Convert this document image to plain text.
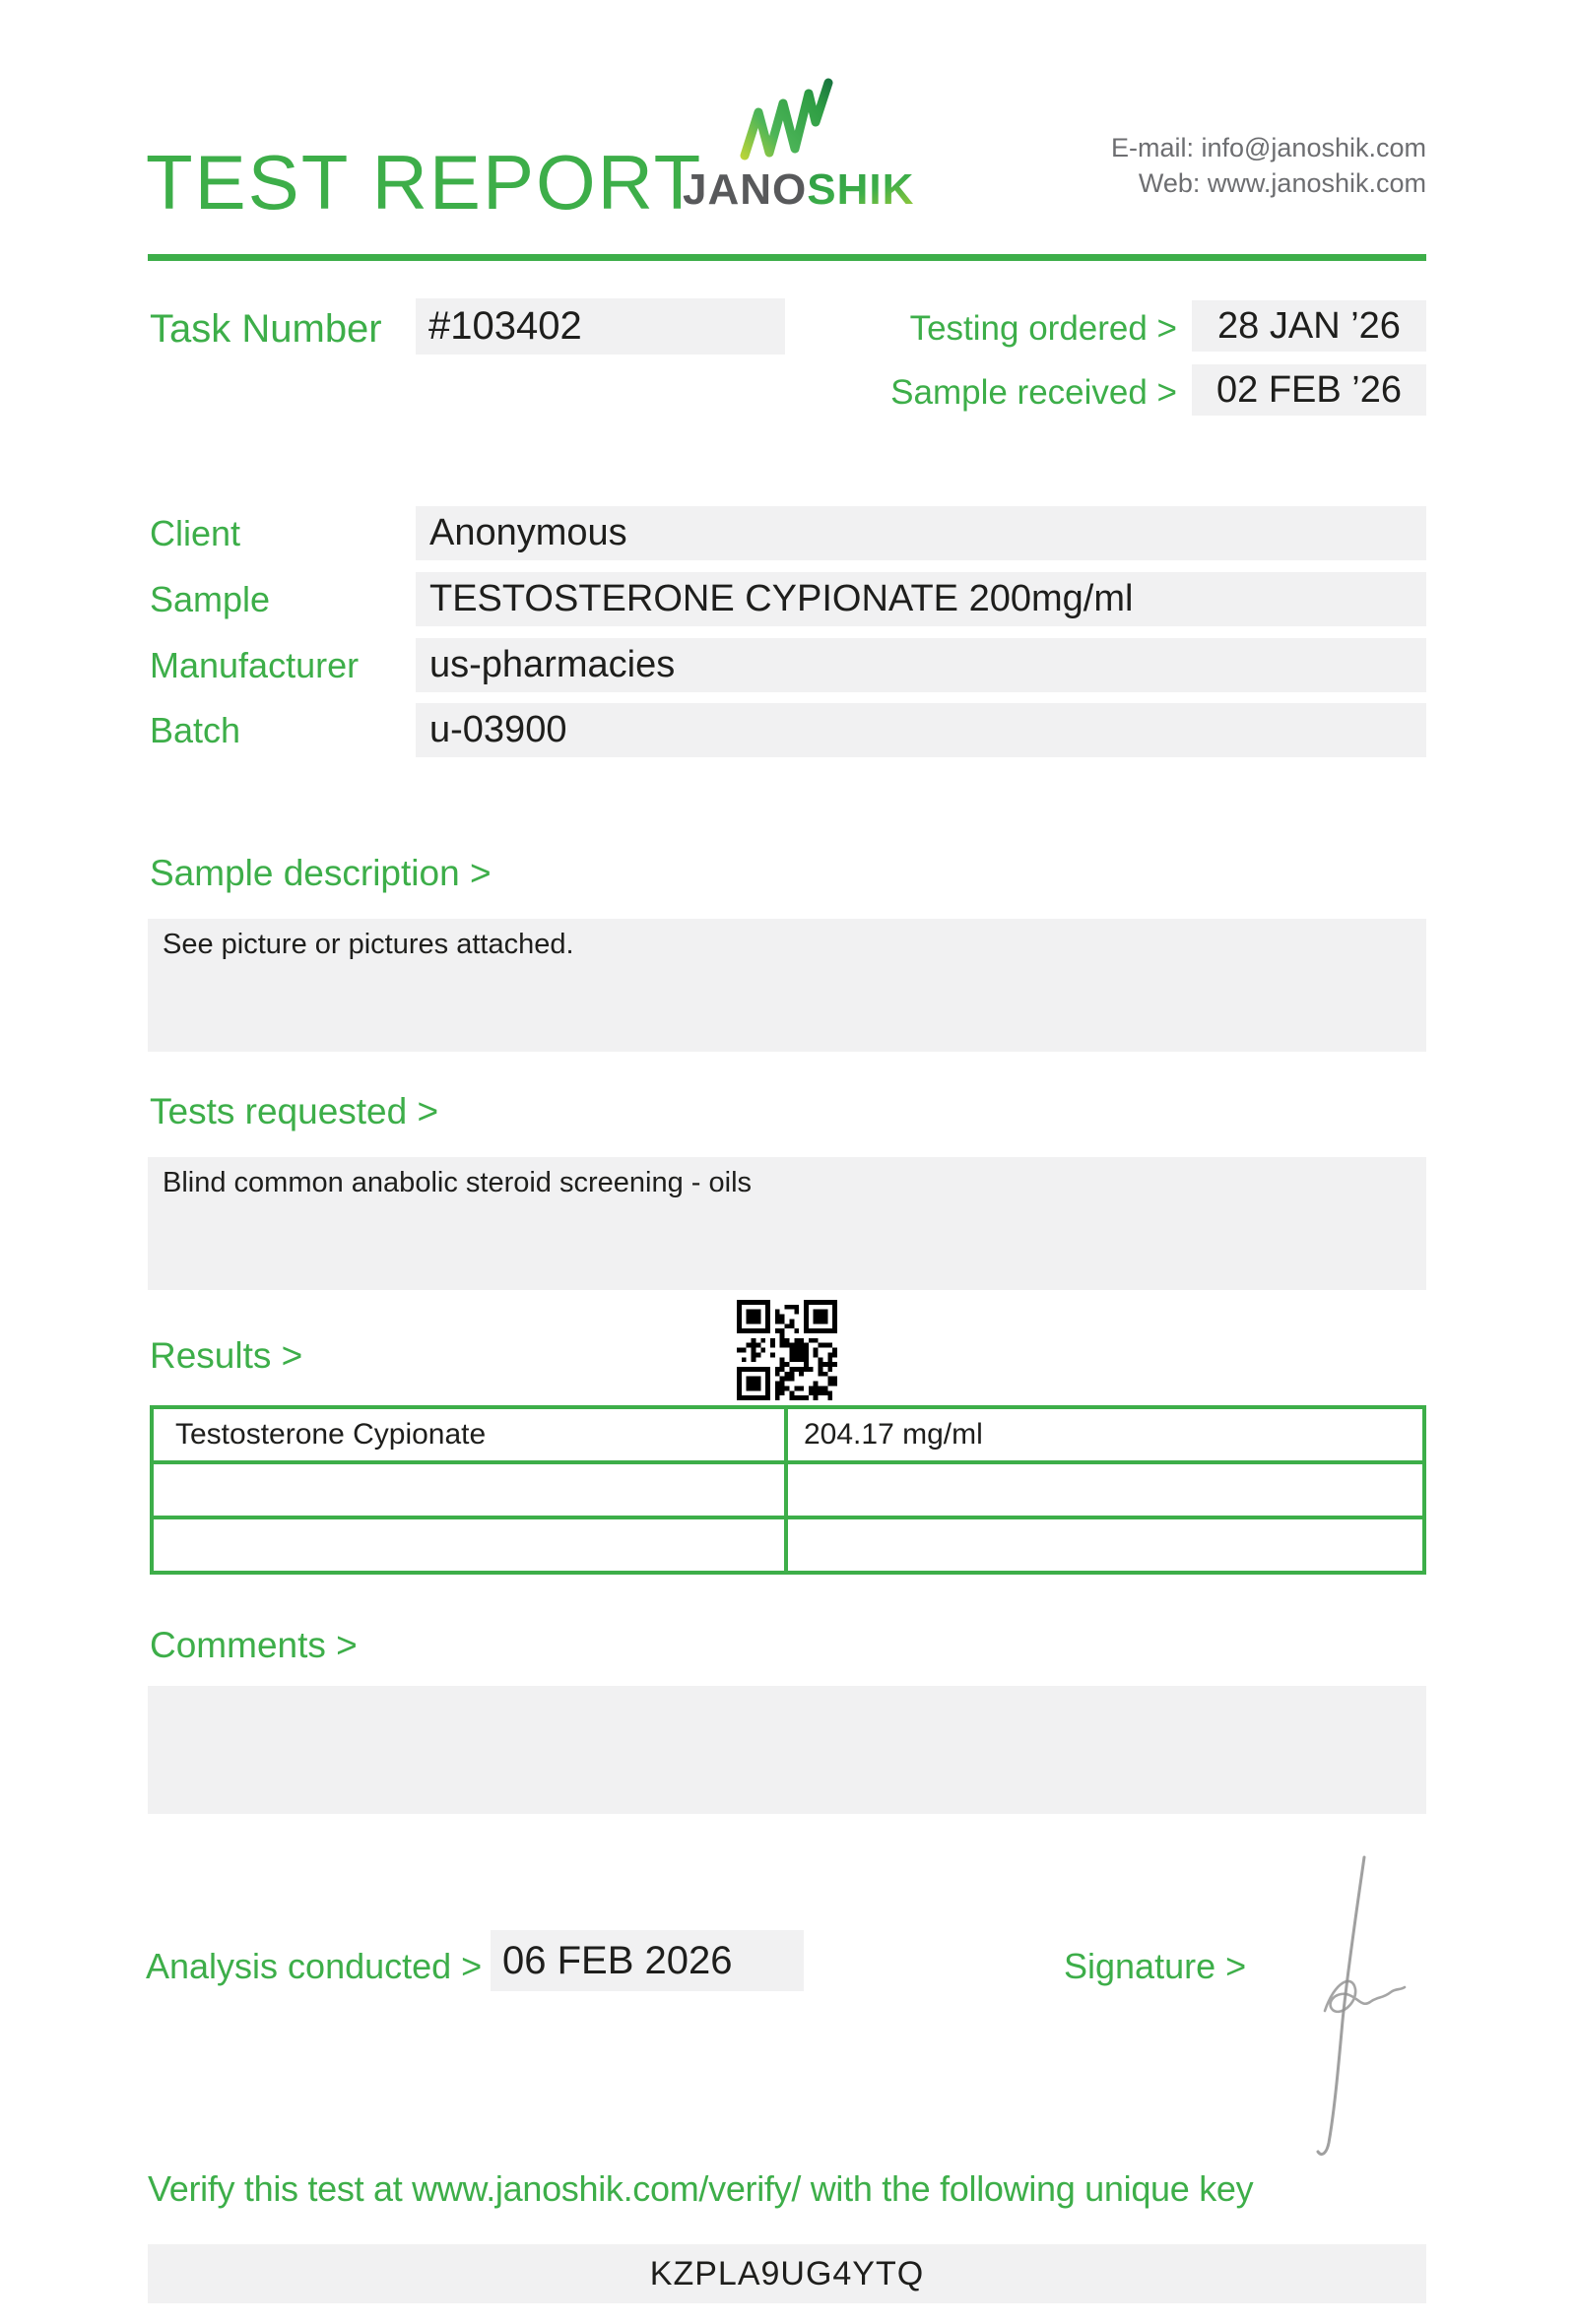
TEST REPORT
JANOSHIK
E-mail: info@janoshik.com
Web: www.janoshik.com
Task Number	#103402	Testing ordered >	28 JAN ’26
Sample received >	02 FEB ’26
Client	Anonymous
Sample	TESTOSTERONE CYPIONATE 200mg/ml
Manufacturer	us-pharmacies
Batch	u-03900
Sample description >
See picture or pictures attached.
Tests requested >
Blind common anabolic steroid screening - oils
Results >
Testosterone Cypionate	204.17 mg/ml
Comments >
Analysis conducted > 06 FEB 2026	Signature >
Verify this test at www.janoshik.com/verify/ with the following unique key
KZPLA9UG4YTQ
